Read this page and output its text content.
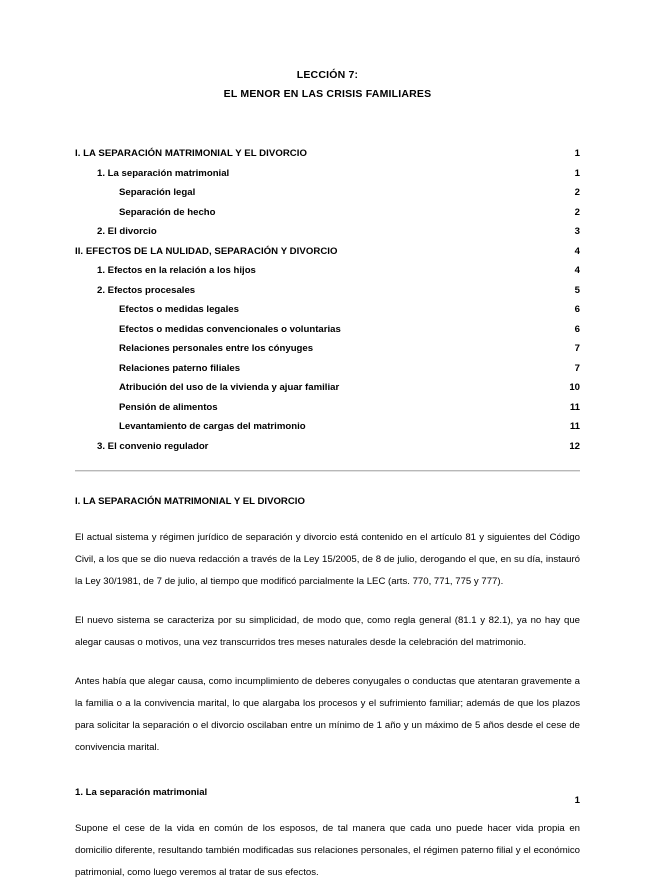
LECCIÓN 7:
EL MENOR EN LAS CRISIS FAMILIARES
I. LA SEPARACIÓN MATRIMONIAL Y EL DIVORCIO	1
1. La separación matrimonial	1
Separación legal	2
Separación de hecho	2
2. El divorcio	3
II. EFECTOS DE LA NULIDAD, SEPARACIÓN Y DIVORCIO	4
1. Efectos en la relación a los hijos	4
2. Efectos procesales	5
Efectos o medidas legales	6
Efectos o medidas convencionales o voluntarias	6
Relaciones personales entre los cónyuges	7
Relaciones paterno filiales	7
Atribución del uso de la vivienda y ajuar familiar	10
Pensión de alimentos	11
Levantamiento de cargas del matrimonio	11
3. El convenio regulador	12
I. LA SEPARACIÓN MATRIMONIAL Y EL DIVORCIO

El actual sistema y régimen jurídico de separación y divorcio está contenido en el artículo 81 y siguientes del Código Civil, a los que se dio nueva redacción a través de la Ley 15/2005, de 8 de julio, derogando el que, en su día, instauró la Ley 30/1981, de 7 de julio, al tiempo que modificó parcialmente la LEC (arts. 770, 771, 775 y 777).

El nuevo sistema se caracteriza por su simplicidad, de modo que, como regla general (81.1 y 82.1), ya no hay que alegar causas o motivos, una vez transcurridos tres meses naturales desde la celebración del matrimonio.

Antes había que alegar causa, como incumplimiento de deberes conyugales o conductas que atentaran gravemente a la familia o a la convivencia marital, lo que alargaba los procesos y el sufrimiento familiar; además de que los plazos para solicitar la separación o el divorcio oscilaban entre un mínimo de 1 año y un máximo de 5 años desde el cese de convivencia marital.

1. La separación matrimonial

Supone el cese de la vida en común de los esposos, de tal manera que cada uno puede hacer vida propia en domicilio diferente, resultando también modificadas sus relaciones personales, el régimen paterno filial y el económico patrimonial, como luego veremos al tratar de sus efectos.

1
